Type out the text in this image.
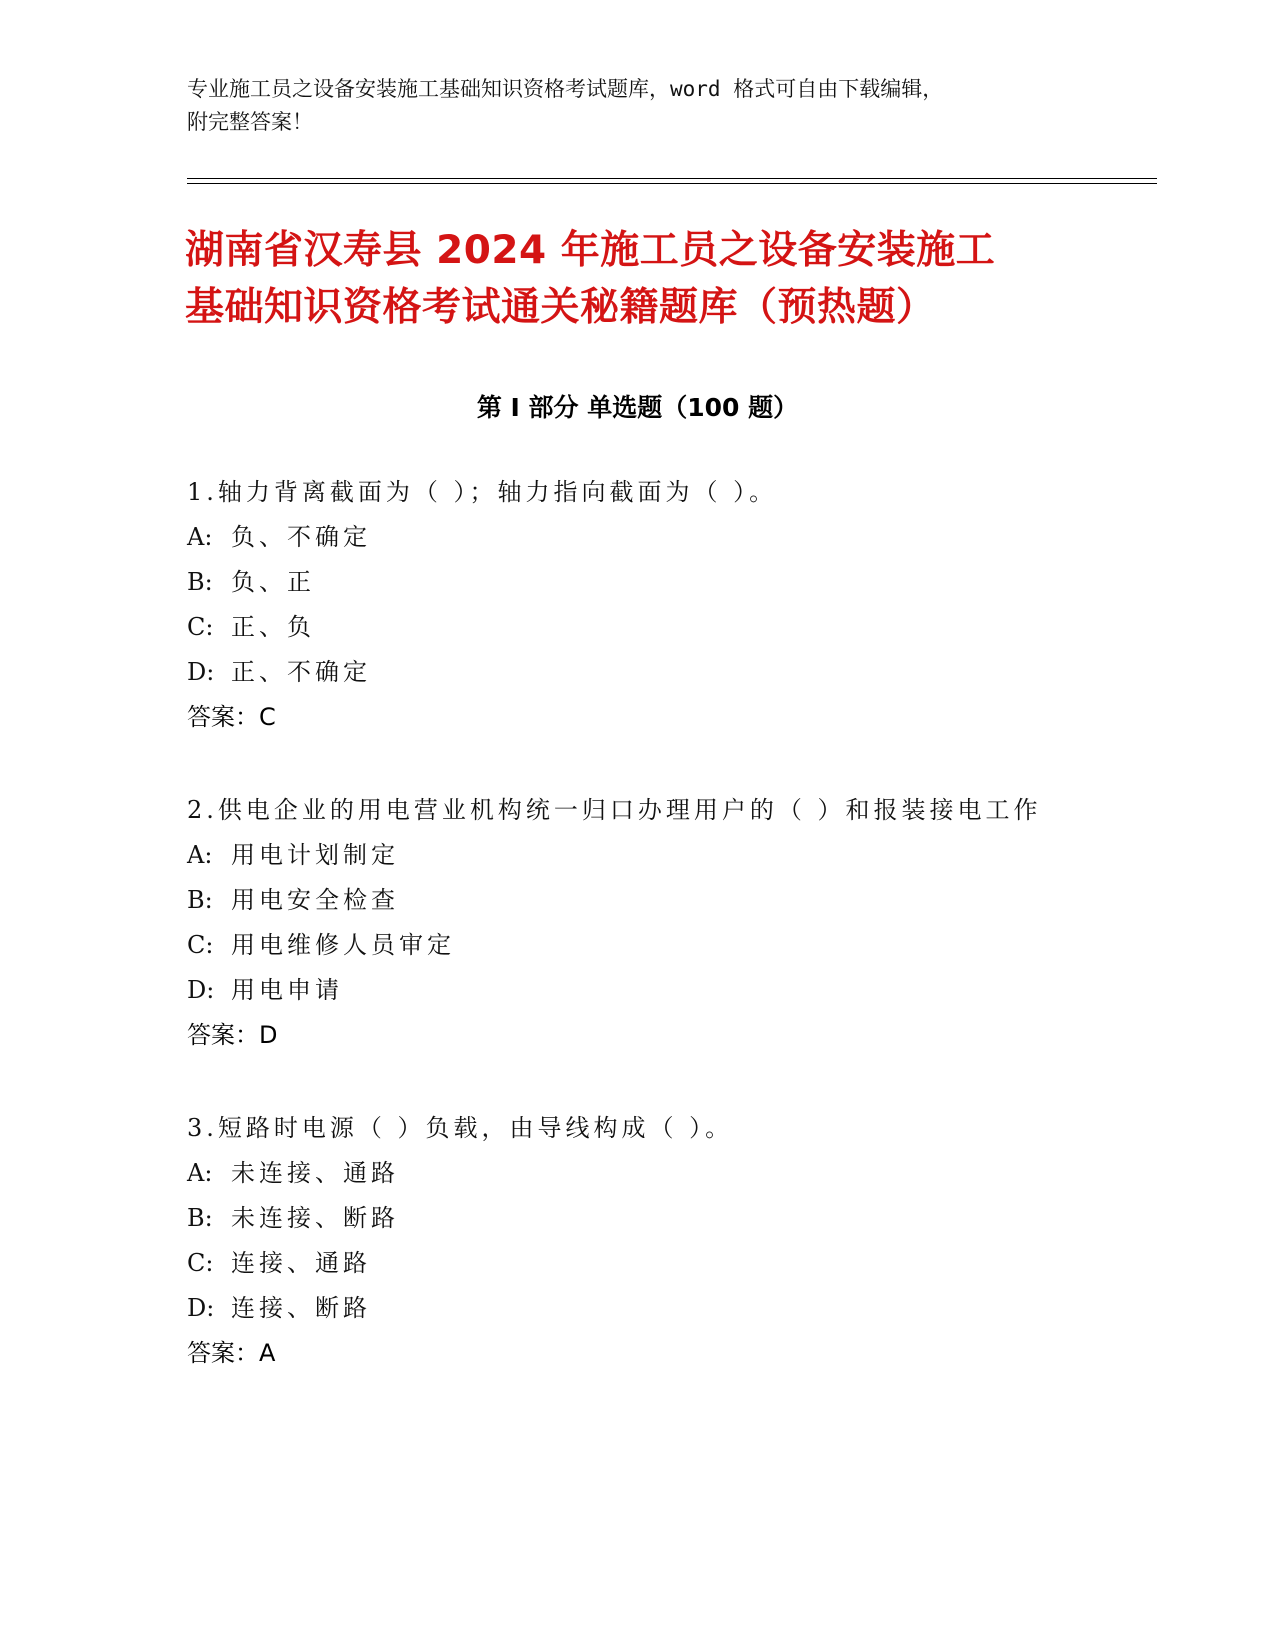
专业施工员之设备安装施工基础知识资格考试题库，word 格式可自由下载编辑，
附完整答案！
湖南省汉寿县 2024 年施工员之设备安装施工
基础知识资格考试通关秘籍题库（预热题）
第 I 部分 单选题（100 题）
1.轴力背离截面为（ ）；轴力指向截面为（ ）。
A: 负、不确定
B: 负、正
C: 正、负
D: 正、不确定
答案：C
2.供电企业的用电营业机构统一归口办理用户的（ ）和报装接电工作
A: 用电计划制定
B: 用电安全检查
C: 用电维修人员审定
D: 用电申请
答案：D
3.短路时电源（ ）负载，由导线构成（ ）。
A: 未连接、通路
B: 未连接、断路
C: 连接、通路
D: 连接、断路
答案：A
